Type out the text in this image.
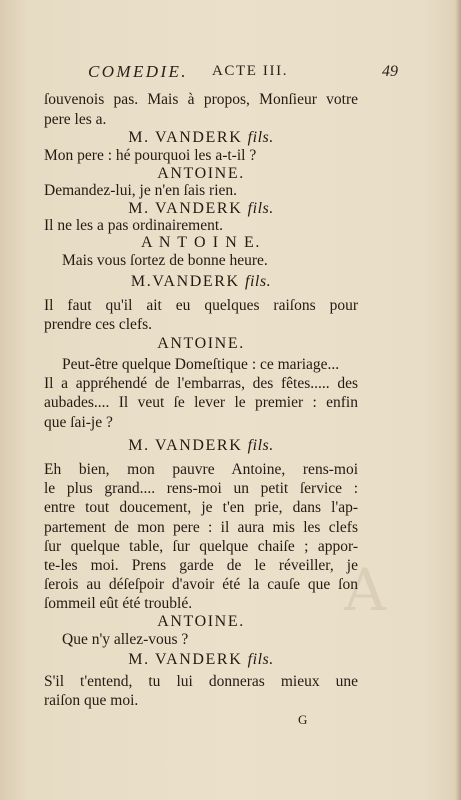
A
COMEDIE. ACTE III.	49
ſouvenois pas. Mais à propos, Monſieur votre
pere les a.
M. VANDERK fils.
Mon pere : hé pourquoi les a-t-il ?
ANTOINE.
Demandez-lui, je n'en ſais rien.
M. VANDERK fils.
Il ne les a pas ordinairement.
A N T O I N E.
Mais vous ſortez de bonne heure.
M.VANDERK fils.
Il faut qu'il ait eu quelques raiſons pour
prendre ces clefs.
ANTOINE.
Peut-être quelque Domeſtique : ce mariage...
Il a appréhendé de l'embarras, des fêtes..... des
aubades.... Il veut ſe lever le premier : enfin
que ſai-je ?
M. VANDERK fils.
Eh bien, mon pauvre Antoine, rens-moi
le plus grand.... rens-moi un petit ſervice :
entre tout doucement, je t'en prie, dans l'ap-
partement de mon pere : il aura mis les clefs
ſur quelque table, ſur quelque chaiſe ; appor-
te-les moi. Prens garde de le réveiller, je
ſerois au déſeſpoir d'avoir été la cauſe que ſon
ſommeil eût été troublé.
ANTOINE.
Que n'y allez-vous ?
M. VANDERK fils.
S'il t'entend, tu lui donneras mieux une
raiſon que moi.
G
